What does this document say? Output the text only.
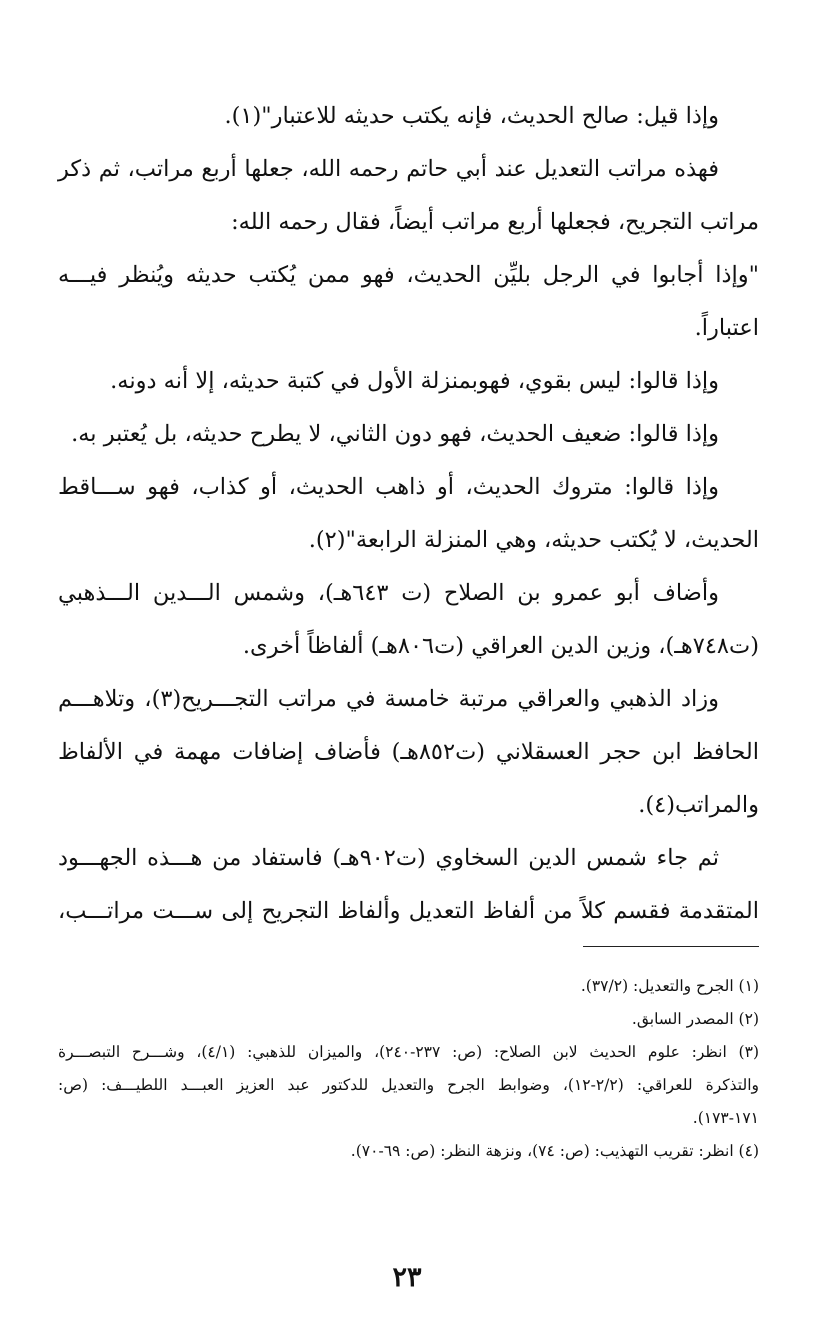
وإذا قيل: صالح الحديث، فإنه يكتب حديثه للاعتبار"(١).

فهذه مراتب التعديل عند أبي حاتم رحمه الله، جعلها أربع مراتب، ثم ذكر
مراتب التجريح، فجعلها أربع مراتب أيضاً، فقال رحمه الله:

"وإذا أجابوا في الرجل بليِّن الحديث، فهو ممن يُكتب حديثه ويُنظر فيـــه
اعتباراً.

وإذا قالوا: ليس بقوي، فهوبمنزلة الأول في كتبة حديثه، إلا أنه دونه.

وإذا قالوا: ضعيف الحديث، فهو دون الثاني، لا يطرح حديثه، بل يُعتبر به.

وإذا قالوا: متروك الحديث، أو ذاهب الحديث، أو كذاب، فهو ســـاقط
الحديث، لا يُكتب حديثه، وهي المنزلة الرابعة"(٢).

وأضاف أبو عمرو بن الصلاح (ت ٦٤٣هـ)، وشمس الـــدين الـــذهبي
(ت٧٤٨هـ)، وزين الدين العراقي (ت٨٠٦هـ) ألفاظاً أخرى.

وزاد الذهبي والعراقي مرتبة خامسة في مراتب التجـــريح(٣)، وتلاهـــم
الحافظ ابن حجر العسقلاني (ت٨٥٢هـ) فأضاف إضافات مهمة في الألفاظ
والمراتب(٤).

ثم جاء شمس الدين السخاوي (ت٩٠٢هـ) فاستفاد من هـــذه الجهـــود
المتقدمة فقسم كلاً من ألفاظ التعديل وألفاظ التجريح إلى ســـت مراتـــب،

(١) الجرح والتعديل: (٣٧/٢).

(٢) المصدر السابق.

(٣) انظر: علوم الحديث لابن الصلاح: (ص: ٢٣٧-٢٤٠)، والميزان للذهبي: (٤/١)، وشـــرح التبصـــرة
والتذكرة للعراقي: (٢/٢-١٢)، وضوابط الجرح والتعديل للدكتور عبد العزيز العبـــد اللطيـــف: (ص:
١٧١-١٧٣).

(٤) انظر: تقريب التهذيب: (ص: ٧٤)، ونزهة النظر: (ص: ٦٩-٧٠).

٢٣
